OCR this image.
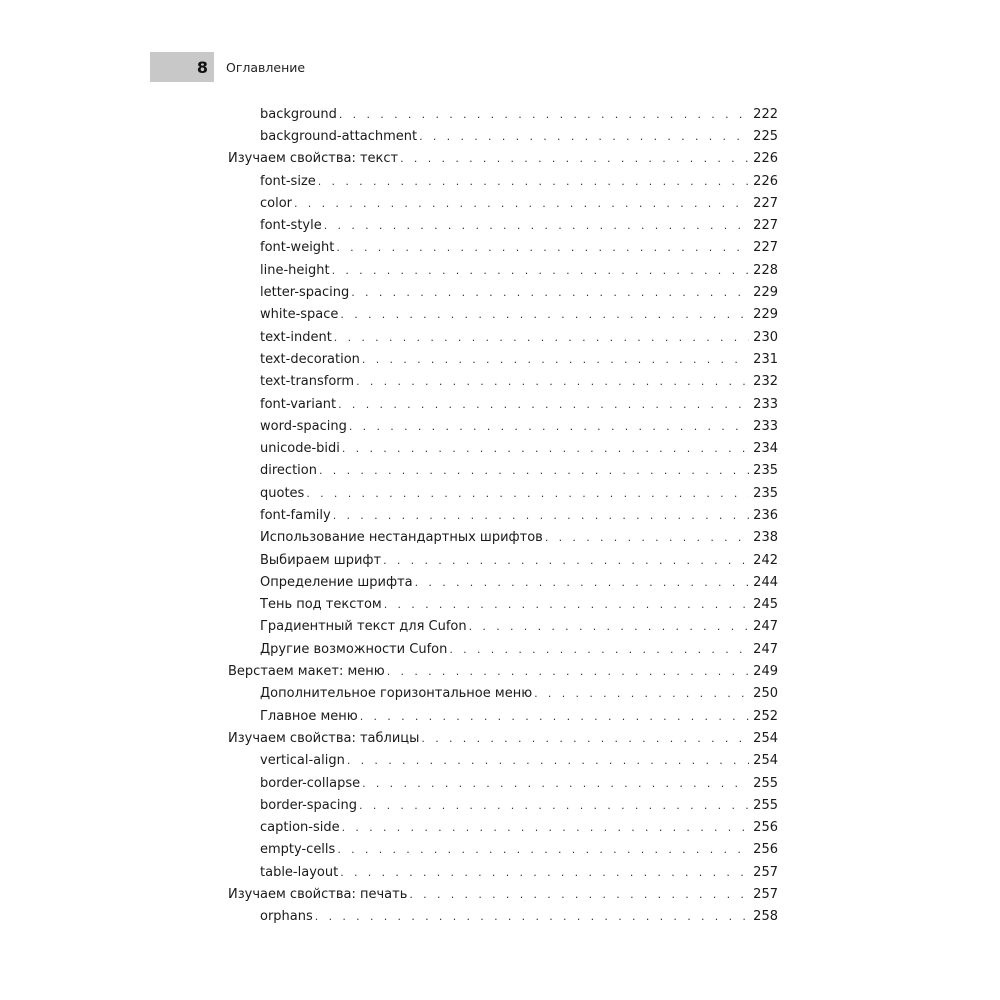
8	Оглавление
background . . .	222
background-attachment . . .	225
Изучаем свойства: текст . . .	226
font-size . . .	226
color . . .	227
font-style . . .	227
font-weight . . .	227
line-height . . .	228
letter-spacing . . .	229
white-space . . .	229
text-indent . . .	230
text-decoration . . .	231
text-transform . . .	232
font-variant . . .	233
word-spacing . . .	233
unicode-bidi . . .	234
direction . . .	235
quotes . . .	235
font-family . . .	236
Использование нестандартных шрифтов . . .	238
Выбираем шрифт . . .	242
Определение шрифта . . .	244
Тень под текстом . . .	245
Градиентный текст для Cufon . . .	247
Другие возможности Cufon . . .	247
Верстаем макет: меню . . .	249
Дополнительное горизонтальное меню . . .	250
Главное меню . . .	252
Изучаем свойства: таблицы . . .	254
vertical-align . . .	254
border-collapse . . .	255
border-spacing . . .	255
caption-side . . .	256
empty-cells . . .	256
table-layout . . .	257
Изучаем свойства: печать . . .	257
orphans . . .	258
